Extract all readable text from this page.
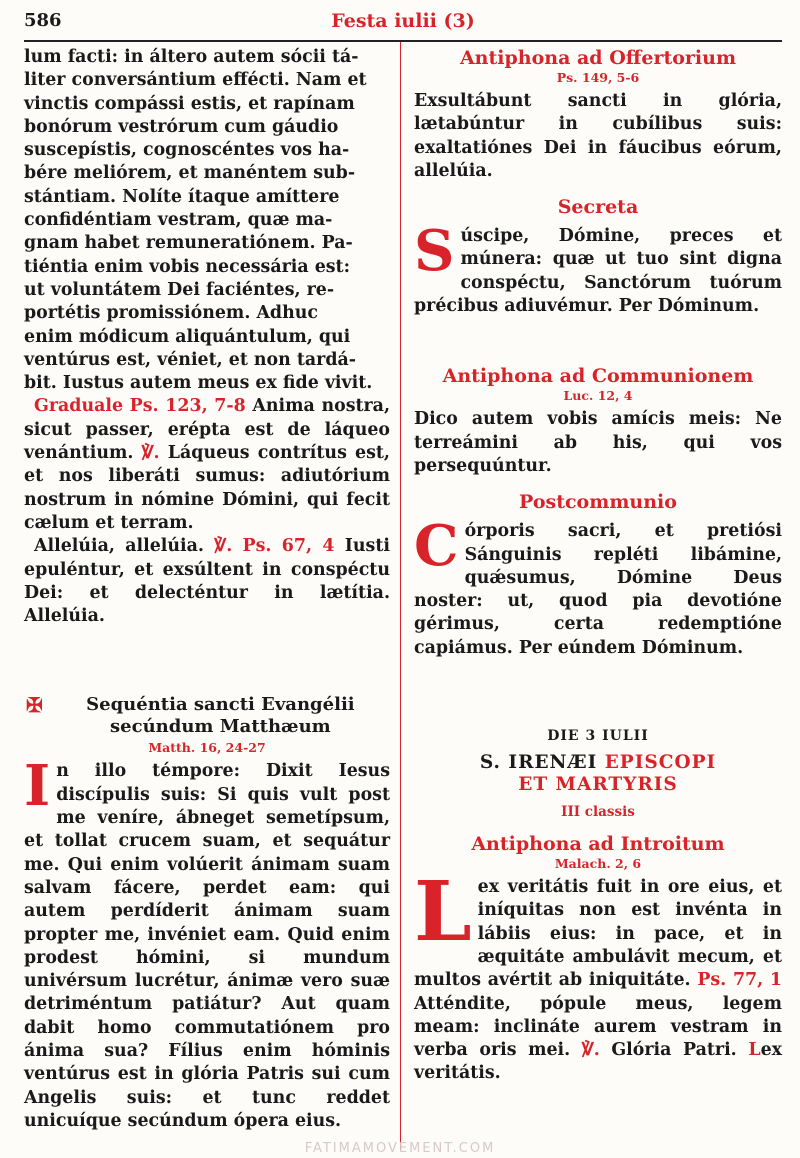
586	Festa iulii (3)

lum facti: in áltero autem sócii tá-
liter conversántium effécti. Nam et
vinctis compássi estis, et rapínam
bonórum vestrórum cum gáudio
suscepístis, cognoscéntes vos ha-
bére meliórem, et manéntem sub-
stántiam. Nolíte ítaque amíttere
confidéntiam vestram, quæ ma-
gnam habet remuneratiónem. Pa-
tiéntia enim vobis necessária est:
ut voluntátem Dei faciéntes, re-
portétis promissiónem. Adhuc
enim módicum aliquántulum, qui
ventúrus est, véniet, et non tardá-
bit. Iustus autem meus ex fide vivit.

Graduale Ps. 123, 7-8 Anima nostra, sicut passer, erépta est de láqueo venántium. ℣. Láqueus contrítus est, et nos liberáti sumus: adiutórium nostrum in nómine Dómini, qui fecit cælum et terram.

Allelúia, allelúia. ℣. Ps. 67, 4 Iusti epuléntur, et exsúltent in conspéctu Dei: et delecténtur in lætítia. Allelúia.

✠	Sequéntia sancti Evangélii secúndum Matthæum

Matth. 16, 24-27

In illo témpore: Dixit Iesus discípulis suis: Si quis vult post me veníre, ábneget semetípsum, et tollat crucem suam, et sequátur me. Qui enim volúerit ánimam suam salvam fácere, perdet eam: qui autem perdíderit ánimam suam propter me, invéniet eam. Quid enim prodest hómini, si mundum univérsum lucrétur, ánimæ vero suæ detriméntum patiátur? Aut quam dabit homo commutatiónem pro ánima sua? Fílius enim hóminis ventúrus est in glória Patris sui cum Angelis suis: et tunc reddet unicuíque secúndum ópera eius.

Antiphona ad Offertorium

Ps. 149, 5-6

Exsultábunt sancti in glória, lætabúntur in cubílibus suis: exaltatiónes Dei in fáucibus eórum, allelúia.

Secreta

Súscipe, Dómine, preces et múnera: quæ ut tuo sint digna conspéctu, Sanctórum tuórum précibus adiuvémur. Per Dóminum.

Antiphona ad Communionem

Luc. 12, 4

Dico autem vobis amícis meis: Ne terreámini ab his, qui vos persequúntur.

Postcommunio

Córporis sacri, et pretiósi Sánguinis repléti libámine, quǽsumus, Dómine Deus noster: ut, quod pia devotióne gérimus, certa redemptióne capiámus. Per eúndem Dóminum.

DIE 3 IULII

S. IRENÆI EPISCOPI

ET MARTYRIS

III classis

Antiphona ad Introitum

Malach. 2, 6

Lex veritátis fuit in ore eius, et iníquitas non est invénta in lábiis eius: in pace, et in æquitáte ambulávit mecum, et multos avértit ab iniquitáte. Ps. 77, 1 Atténdite, pópule meus, legem meam: inclináte aurem vestram in verba oris mei. ℣. Glória Patri. Lex veritátis.

FATIMAMOVEMENT.COM
